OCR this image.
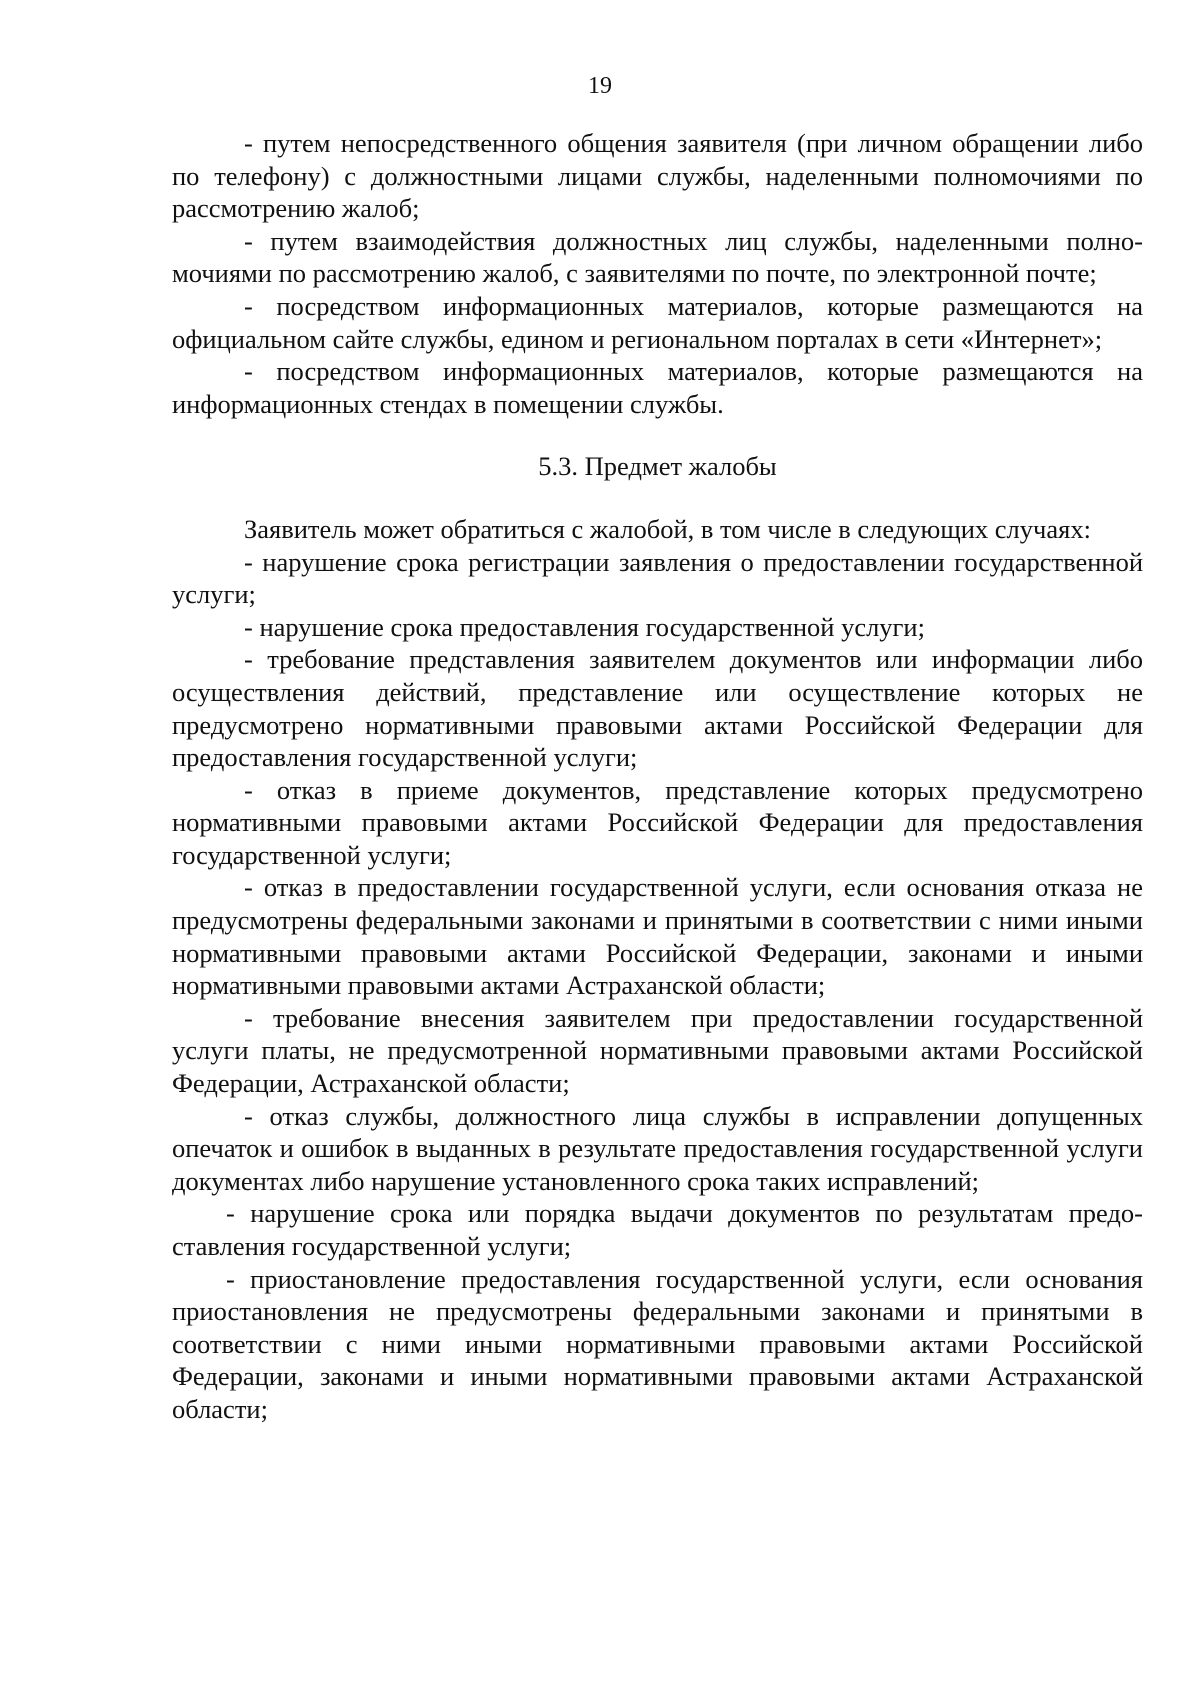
19

- путем непосредственного общения заявителя (при личном обращении либо по телефону) с должностными лицами службы, наделенными полномочиями по рассмотрению жалоб;

- путем взаимодействия должностных лиц службы, наделенными полномочиями по рассмотрению жалоб, с заявителями по почте, по электронной почте;

- посредством информационных материалов, которые размещаются на официальном сайте службы, едином и региональном порталах в сети «Интернет»;

- посредством информационных материалов, которые размещаются на информационных стендах в помещении службы.

5.3. Предмет жалобы

Заявитель может обратиться с жалобой, в том числе в следующих случаях:

- нарушение срока регистрации заявления о предоставлении государственной услуги;

- нарушение срока предоставления государственной услуги;

- требование представления заявителем документов или информации либо осуществления действий, представление или осуществление которых не предусмотрено нормативными правовыми актами Российской Федерации для предоставления государственной услуги;

- отказ в приеме документов, представление которых предусмотрено нормативными правовыми актами Российской Федерации для предоставления государственной услуги;

- отказ в предоставлении государственной услуги, если основания отказа не предусмотрены федеральными законами и принятыми в соответствии с ними иными нормативными правовыми актами Российской Федерации, законами и иными нормативными правовыми актами Астраханской области;

- требование внесения заявителем при предоставлении государственной услуги платы, не предусмотренной нормативными правовыми актами Российской Федерации, Астраханской области;

- отказ службы, должностного лица службы в исправлении допущенных опечаток и ошибок в выданных в результате предоставления государственной услуги документах либо нарушение установленного срока таких исправлений;

- нарушение срока или порядка выдачи документов по результатам предоставления государственной услуги;

- приостановление предоставления государственной услуги, если основания приостановления не предусмотрены федеральными законами и принятыми в соответствии с ними иными нормативными правовыми актами Российской Федерации, законами и иными нормативными правовыми актами Астраханской области;
